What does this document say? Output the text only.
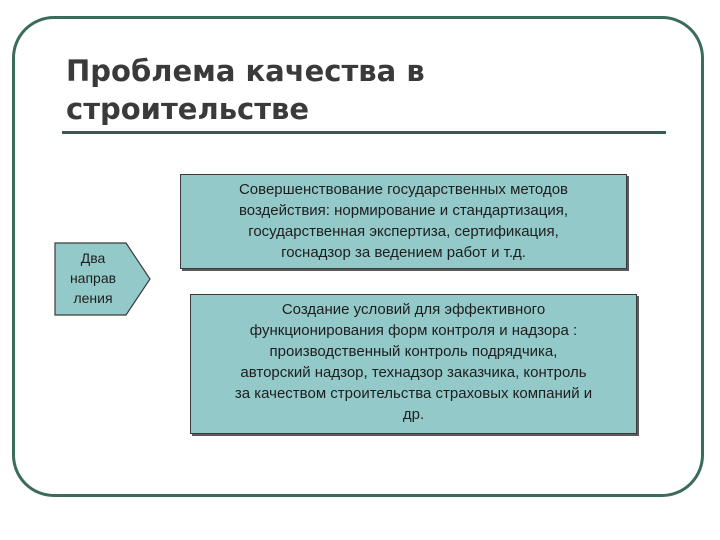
Проблема качества в
строительстве
Два
направ
ления
Совершенствование государственных методов
воздействия: нормирование и стандартизация,
государственная экспертиза, сертификация,
госнадзор за ведением работ и т.д.
Создание условий для эффективного
функционирования форм контроля и надзора :
производственный контроль подрядчика,
авторский надзор, технадзор заказчика, контроль
за качеством строительства страховых компаний и
др.
